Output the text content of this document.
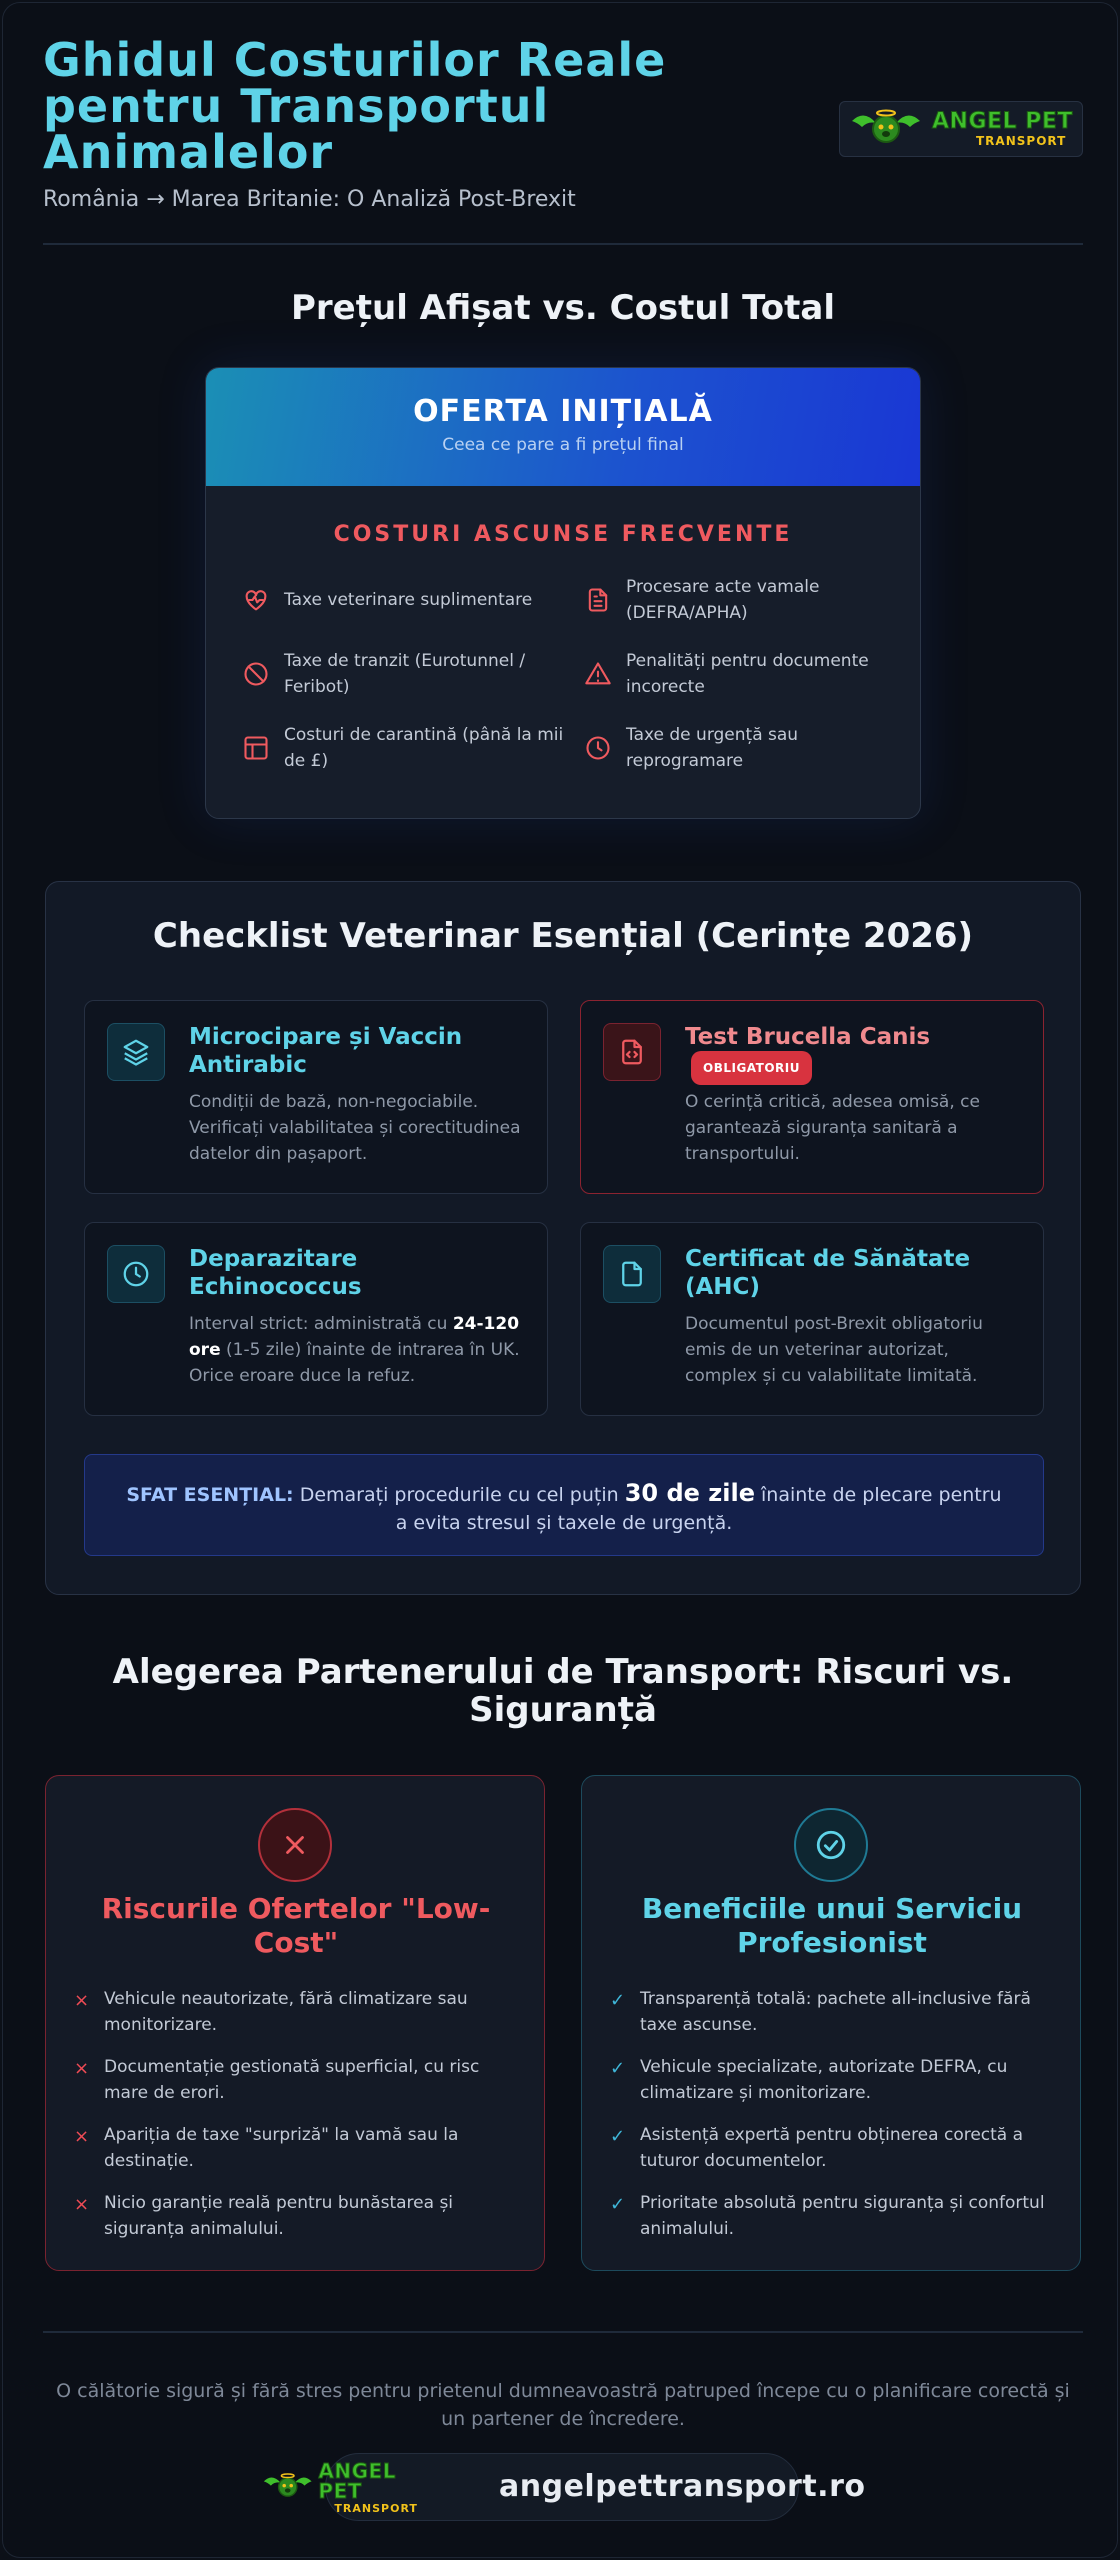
Ghidul Costurilor Reale pentru Transportul Animalelor
România → Marea Britanie: O Analiză Post-Brexit
ANGEL PET
TRANSPORT
Prețul Afișat vs. Costul Total
OFERTA INIȚIALĂ
Ceea ce pare a fi prețul final
COSTURI ASCUNSE FRECVENTE
Taxe veterinare suplimentare
Procesare acte vamale (DEFRA/APHA)
Taxe de tranzit (Eurotunnel / Feribot)
Penalități pentru documente incorecte
Costuri de carantină (până la mii de £)
Taxe de urgență sau reprogramare
Checklist Veterinar Esențial (Cerințe 2026)
Microcipare și Vaccin Antirabic
Condiții de bază, non-negociabile. Verificați valabilitatea și corectitudinea datelor din pașaport.
Test Brucella Canis
OBLIGATORIU
O cerință critică, adesea omisă, ce garantează siguranța sanitară a transportului.
Deparazitare Echinococcus
Interval strict: administrată cu 24-120 ore (1-5 zile) înainte de intrarea în UK. Orice eroare duce la refuz.
Certificat de Sănătate (AHC)
Documentul post-Brexit obligatoriu emis de un veterinar autorizat, complex și cu valabilitate limitată.
SFAT ESENȚIAL: Demarați procedurile cu cel puțin 30 de zile înainte de plecare pentru a evita stresul și taxele de urgență.
Alegerea Partenerului de Transport: Riscuri vs. Siguranță
Riscurile Ofertelor "Low-Cost"
× Vehicule neautorizate, fără climatizare sau monitorizare.
× Documentație gestionată superficial, cu risc mare de erori.
× Apariția de taxe "surpriză" la vamă sau la destinație.
× Nicio garanție reală pentru bunăstarea și siguranța animalului.
Beneficiile unui Serviciu Profesionist
✓ Transparență totală: pachete all-inclusive fără taxe ascunse.
✓ Vehicule specializate, autorizate DEFRA, cu climatizare și monitorizare.
✓ Asistență expertă pentru obținerea corectă a tuturor documentelor.
✓ Prioritate absolută pentru siguranța și confortul animalului.
O călătorie sigură și fără stres pentru prietenul dumneavoastră patruped începe cu o planificare corectă și un partener de încredere.
ANGEL PET
TRANSPORT
angelpettransport.ro
